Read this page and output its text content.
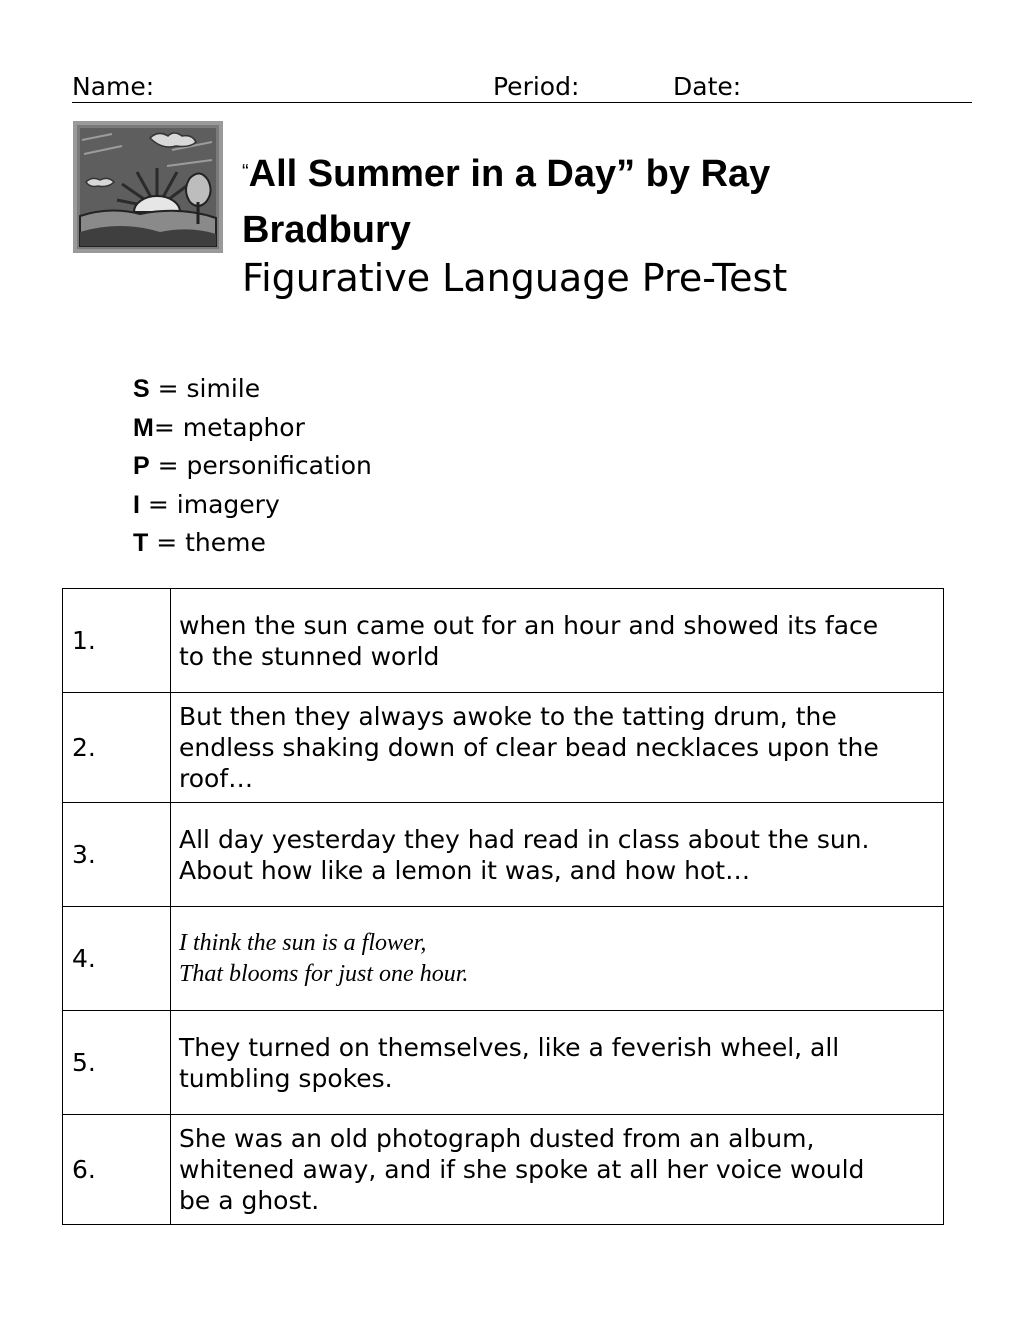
Name:	Period:	Date:
“All Summer in a Day” by Ray Bradbury
Figurative Language Pre-Test
S = simile
M= metaphor
P = personification
I = imagery
T = theme
1.	when the sun came out for an hour and showed its face
to the stunned world

2.	But then they always awoke to the tatting drum, the
endless shaking down of clear bead necklaces upon the
roof…

3.	All day yesterday they had read in class about the sun.
About how like a lemon it was, and how hot…

4.	I think the sun is a flower,
That blooms for just one hour.

5.	They turned on themselves, like a feverish wheel, all
tumbling spokes.

6.	She was an old photograph dusted from an album,
whitened away, and if she spoke at all her voice would
be a ghost.
